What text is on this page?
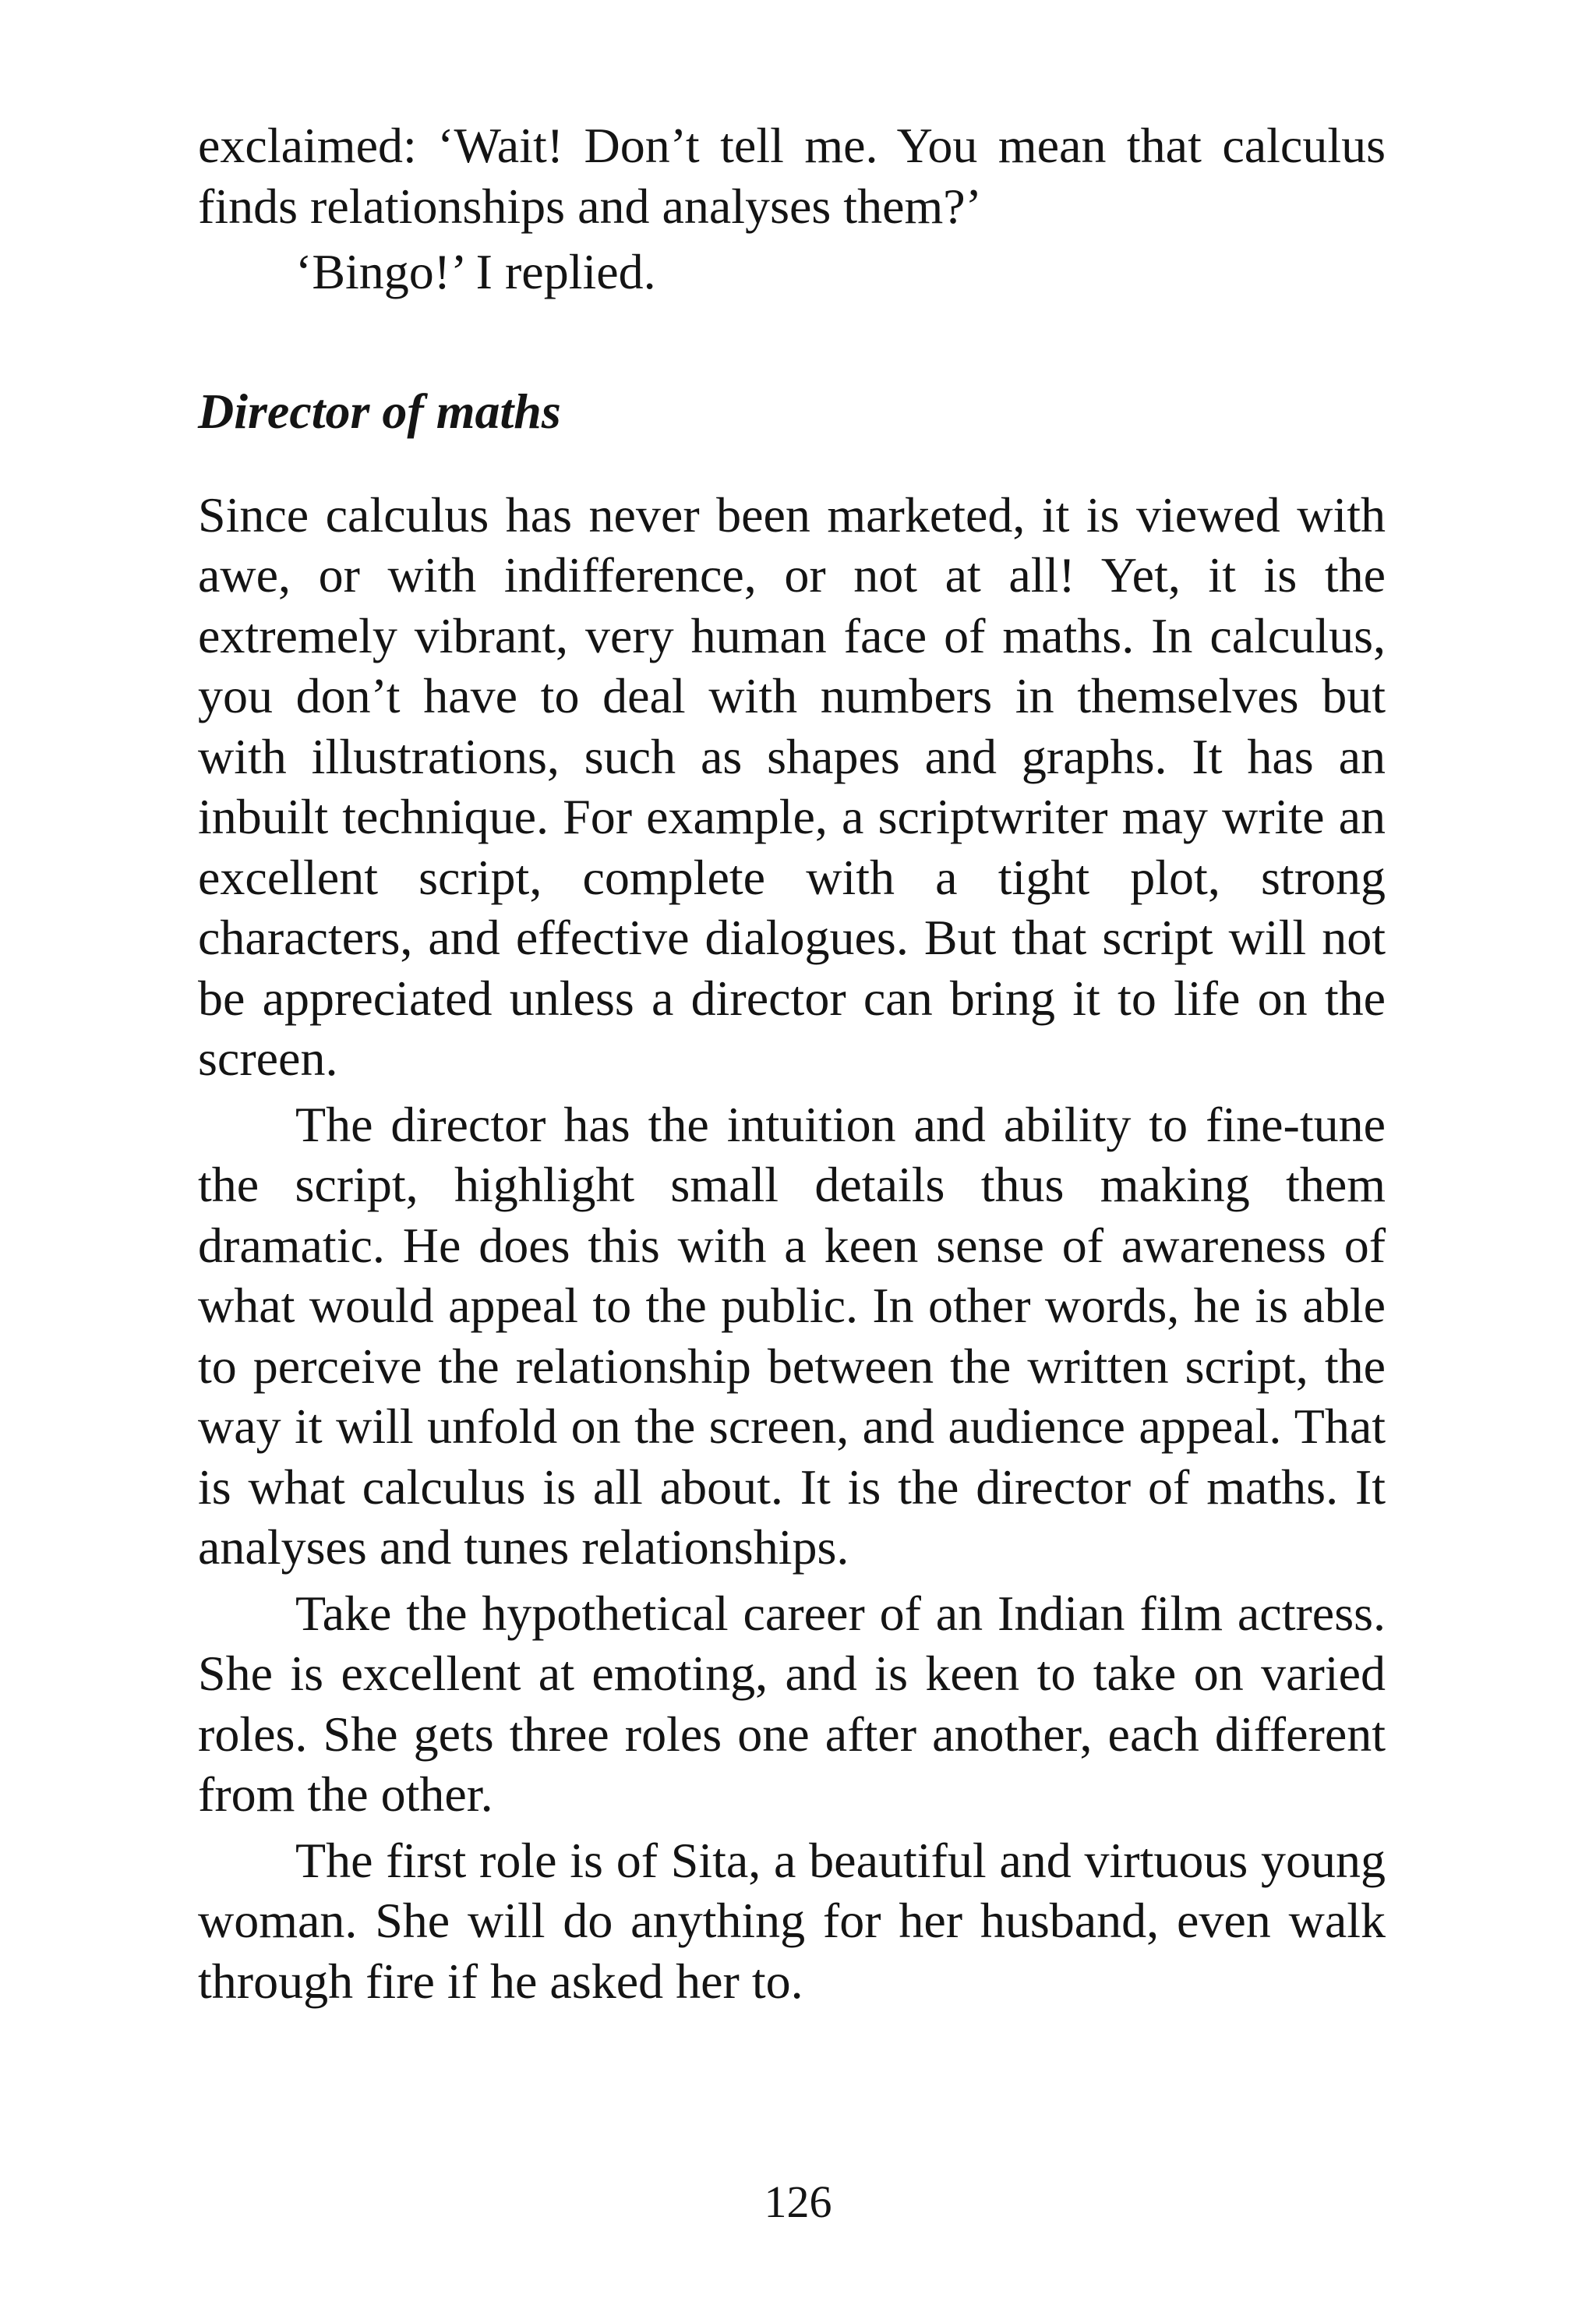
exclaimed: ‘Wait! Don’t tell me. You mean that calculus finds relationships and analyses them?’

‘Bingo!’ I replied.

Director of maths

Since calculus has never been marketed, it is viewed with awe, or with indifference, or not at all! Yet, it is the extremely vibrant, very human face of maths. In calculus, you don’t have to deal with numbers in themselves but with illustrations, such as shapes and graphs. It has an inbuilt technique. For example, a scriptwriter may write an excellent script, complete with a tight plot, strong characters, and effective dialogues. But that script will not be appreciated unless a director can bring it to life on the screen.

The director has the intuition and ability to fine-tune the script, highlight small details thus making them dramatic. He does this with a keen sense of awareness of what would appeal to the public. In other words, he is able to perceive the relationship between the written script, the way it will unfold on the screen, and audience appeal. That is what calculus is all about. It is the director of maths. It analyses and tunes relationships.

Take the hypothetical career of an Indian film actress. She is excellent at emoting, and is keen to take on varied roles. She gets three roles one after another, each different from the other.

The first role is of Sita, a beautiful and virtuous young woman. She will do anything for her husband, even walk through fire if he asked her to.

126
